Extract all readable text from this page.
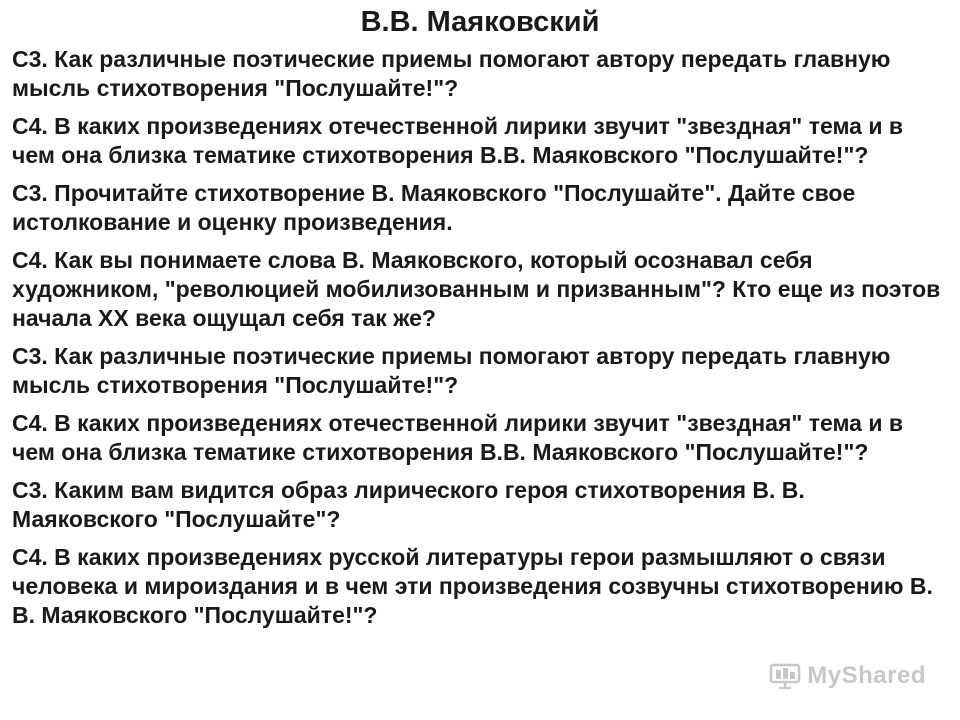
В.В. Маяковский

С3. Как различные поэтические приемы помогают автору передать главную мысль стихотворения "Послушайте!"?

С4. В каких произведениях отечественной лирики звучит "звездная" тема и в чем она близка тематике стихотворения В.В. Маяковского "Послушайте!"?

С3. Прочитайте стихотворение В. Маяковского "Послушайте". Дайте свое истолкование и оценку произведения.

С4. Как вы понимаете слова В. Маяковского, который осознавал себя художником, "революцией мобилизованным и призванным"? Кто еще из поэтов начала XX века ощущал себя так же?

С3. Как различные поэтические приемы помогают автору передать главную мысль стихотворения "Послушайте!"?

С4. В каких произведениях отечественной лирики звучит "звездная" тема и в чем она близка тематике стихотворения В.В. Маяковского "Послушайте!"?

С3. Каким вам видится образ лирического героя стихотворения В. В. Маяковского "Послушайте"?

С4. В каких произведениях русской литературы герои размышляют о связи человека и мироиздания и в чем эти произведения созвучны стихотворению В. В. Маяковского "Послушайте!"?

MyShared
